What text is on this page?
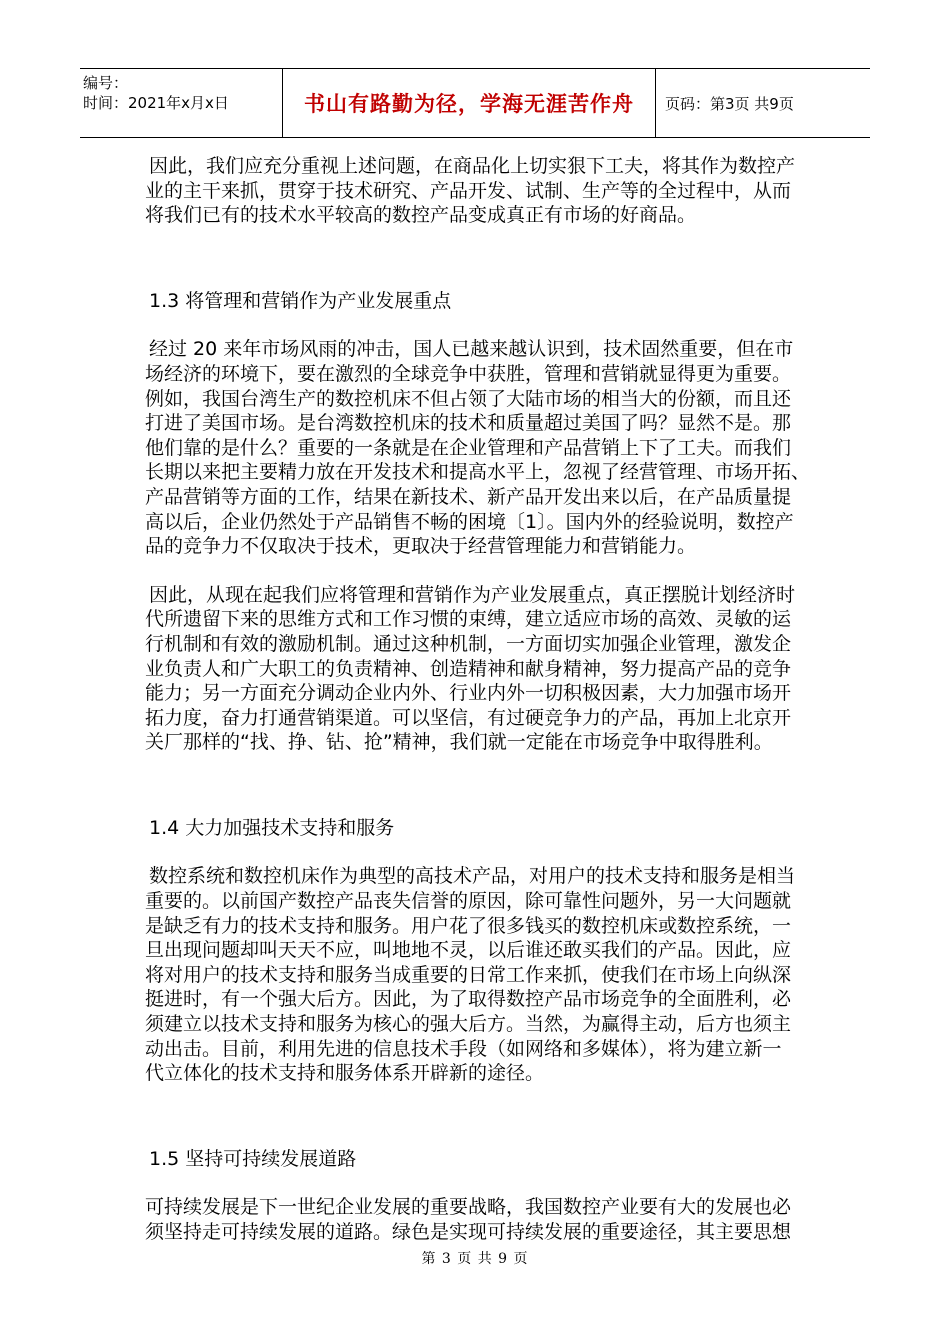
编号：
时间：2021年x月x日	书山有路勤为径，学海无涯苦作舟 页码：第3页 共9页

因此，我们应充分重视上述问题，在商品化上切实狠下工夫，将其作为数控产

业的主干来抓，贯穿于技术研究、产品开发、试制、生产等的全过程中，从而

将我们已有的技术水平较高的数控产品变成真正有市场的好商品。

1.3 将管理和营销作为产业发展重点

经过 20 来年市场风雨的冲击，国人已越来越认识到，技术固然重要，但在市

场经济的环境下，要在激烈的全球竞争中获胜，管理和营销就显得更为重要。

例如，我国台湾生产的数控机床不但占领了大陆市场的相当大的份额，而且还

打进了美国市场。是台湾数控机床的技术和质量超过美国了吗？显然不是。那

他们靠的是什么？重要的一条就是在企业管理和产品营销上下了工夫。而我们

长期以来把主要精力放在开发技术和提高水平上，忽视了经营管理、市场开拓、

产品营销等方面的工作，结果在新技术、新产品开发出来以后，在产品质量提

高以后，企业仍然处于产品销售不畅的困境〔1〕。国内外的经验说明，数控产

品的竞争力不仅取决于技术，更取决于经营管理能力和营销能力。

因此，从现在起我们应将管理和营销作为产业发展重点，真正摆脱计划经济时

代所遗留下来的思维方式和工作习惯的束缚，建立适应市场的高效、灵敏的运

行机制和有效的激励机制。通过这种机制，一方面切实加强企业管理，激发企

业负责人和广大职工的负责精神、创造精神和献身精神，努力提高产品的竞争

能力；另一方面充分调动企业内外、行业内外一切积极因素，大力加强市场开

拓力度，奋力打通营销渠道。可以坚信，有过硬竞争力的产品，再加上北京开

关厂那样的“找、挣、钻、抢”精神，我们就一定能在市场竞争中取得胜利。

1.4 大力加强技术支持和服务

数控系统和数控机床作为典型的高技术产品，对用户的技术支持和服务是相当

重要的。以前国产数控产品丧失信誉的原因，除可靠性问题外，另一大问题就

是缺乏有力的技术支持和服务。用户花了很多钱买的数控机床或数控系统，一

旦出现问题却叫天天不应，叫地地不灵，以后谁还敢买我们的产品。因此，应

将对用户的技术支持和服务当成重要的日常工作来抓，使我们在市场上向纵深

挺进时，有一个强大后方。因此，为了取得数控产品市场竞争的全面胜利，必

须建立以技术支持和服务为核心的强大后方。当然，为赢得主动，后方也须主

动出击。目前，利用先进的信息技术手段（如网络和多媒体），将为建立新一

代立体化的技术支持和服务体系开辟新的途径。

1.5 坚持可持续发展道路

可持续发展是下一世纪企业发展的重要战略，我国数控产业要有大的发展也必

须坚持走可持续发展的道路。绿色是实现可持续发展的重要途径，其主要思想

第 3 页 共 9 页
